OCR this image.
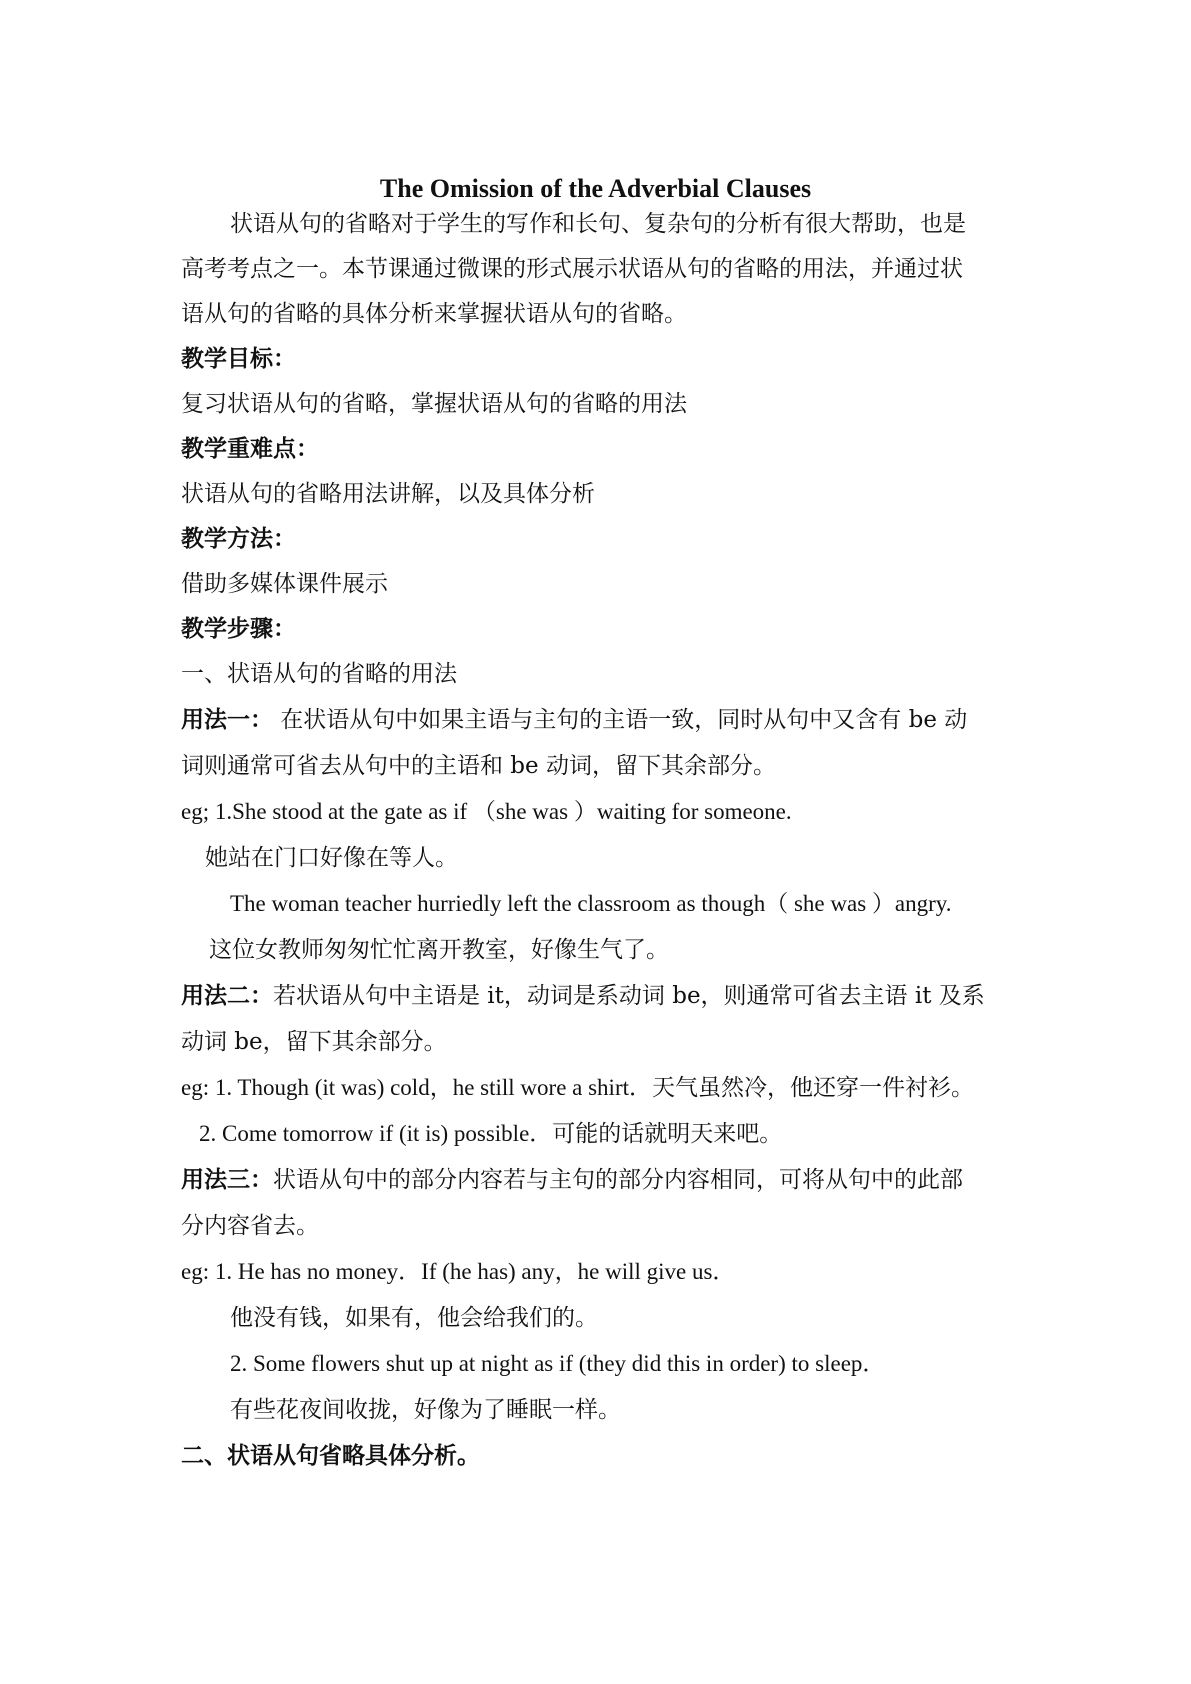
The Omission of the Adverbial Clauses
状语从句的省略对于学生的写作和长句、复杂句的分析有很大帮助，也是
高考考点之一。本节课通过微课的形式展示状语从句的省略的用法，并通过状
语从句的省略的具体分析来掌握状语从句的省略。
教学目标：
复习状语从句的省略，掌握状语从句的省略的用法
教学重难点：
状语从句的省略用法讲解，以及具体分析
教学方法：
借助多媒体课件展示
教学步骤：
一、状语从句的省略的用法
用法一： 在状语从句中如果主语与主句的主语一致，同时从句中又含有 be 动
词则通常可省去从句中的主语和 be 动词，留下其余部分。
eg; 1.She stood at the gate as if （she was ）waiting for someone.
她站在门口好像在等人。
The woman teacher hurriedly left the classroom as though（ she was ）angry.
这位女教师匆匆忙忙离开教室，好像生气了。
用法二：若状语从句中主语是 it，动词是系动词 be，则通常可省去主语 it 及系
动词 be，留下其余部分。
eg: 1. Though (it was) cold，he still wore a shirt．天气虽然冷，他还穿一件衬衫。
2. Come tomorrow if (it is) possible．可能的话就明天来吧。
用法三：状语从句中的部分内容若与主句的部分内容相同，可将从句中的此部
分内容省去。
eg: 1. He has no money．If (he has) any，he will give us．
他没有钱，如果有，他会给我们的。
2. Some flowers shut up at night as if (they did this in order) to sleep．
有些花夜间收拢，好像为了睡眠一样。
二、状语从句省略具体分析。
